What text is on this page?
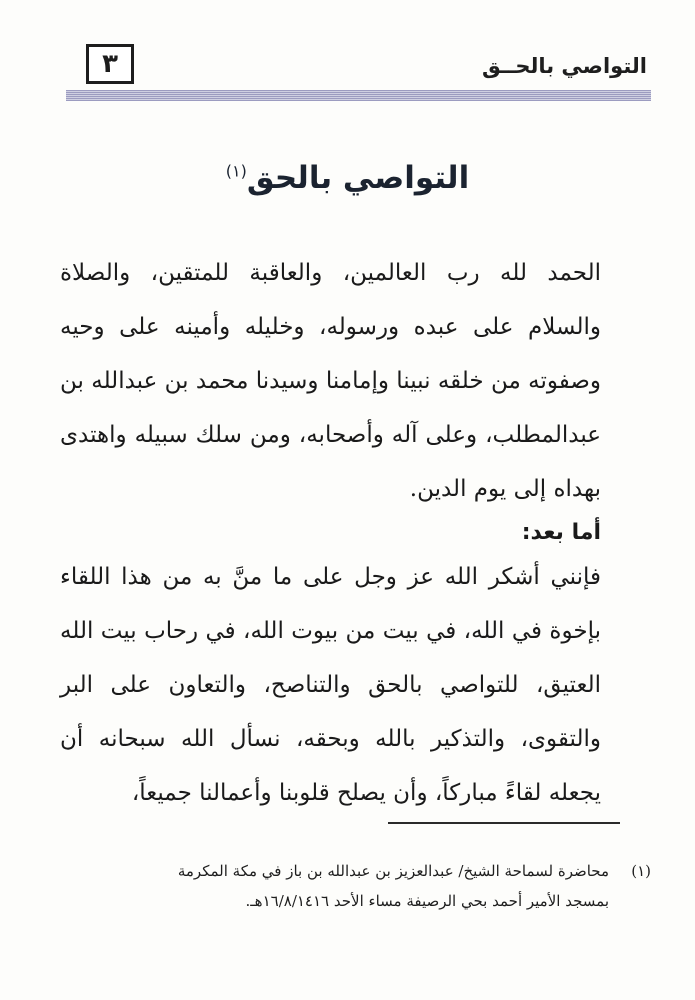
٣	التواصي بالحــق
التواصي بالحق$^{(١)}$

الحمد لله رب العالمين، والعاقبة للمتقين، والصلاة والسلام على عبده ورسوله، وخليله وأمينه على وحيه وصفوته من خلقه نبينا وإمامنا وسيدنا محمد بن عبدالله بن عبدالمطلب، وعلى آله وأصحابه، ومن سلك سبيله واهتدى بهداه إلى يوم الدين.

أما بعد:

فإنني أشكر الله عز وجل على ما منَّ به من هذا اللقاء بإخوة في الله، في بيت من بيوت الله، في رحاب بيت الله العتيق، للتواصي بالحق والتناصح، والتعاون على البر والتقوى، والتذكير بالله وبحقه، نسأل الله سبحانه أن يجعله لقاءً مباركاً، وأن يصلح قلوبنا وأعمالنا جميعاً،

(١)محاضرة لسماحة الشيخ/ عبدالعزيز بن عبدالله بن باز في مكة المكرمة
بمسجد الأمير أحمد بحي الرصيفة مساء الأحد ١٦/٨/١٤١٦هـ.
